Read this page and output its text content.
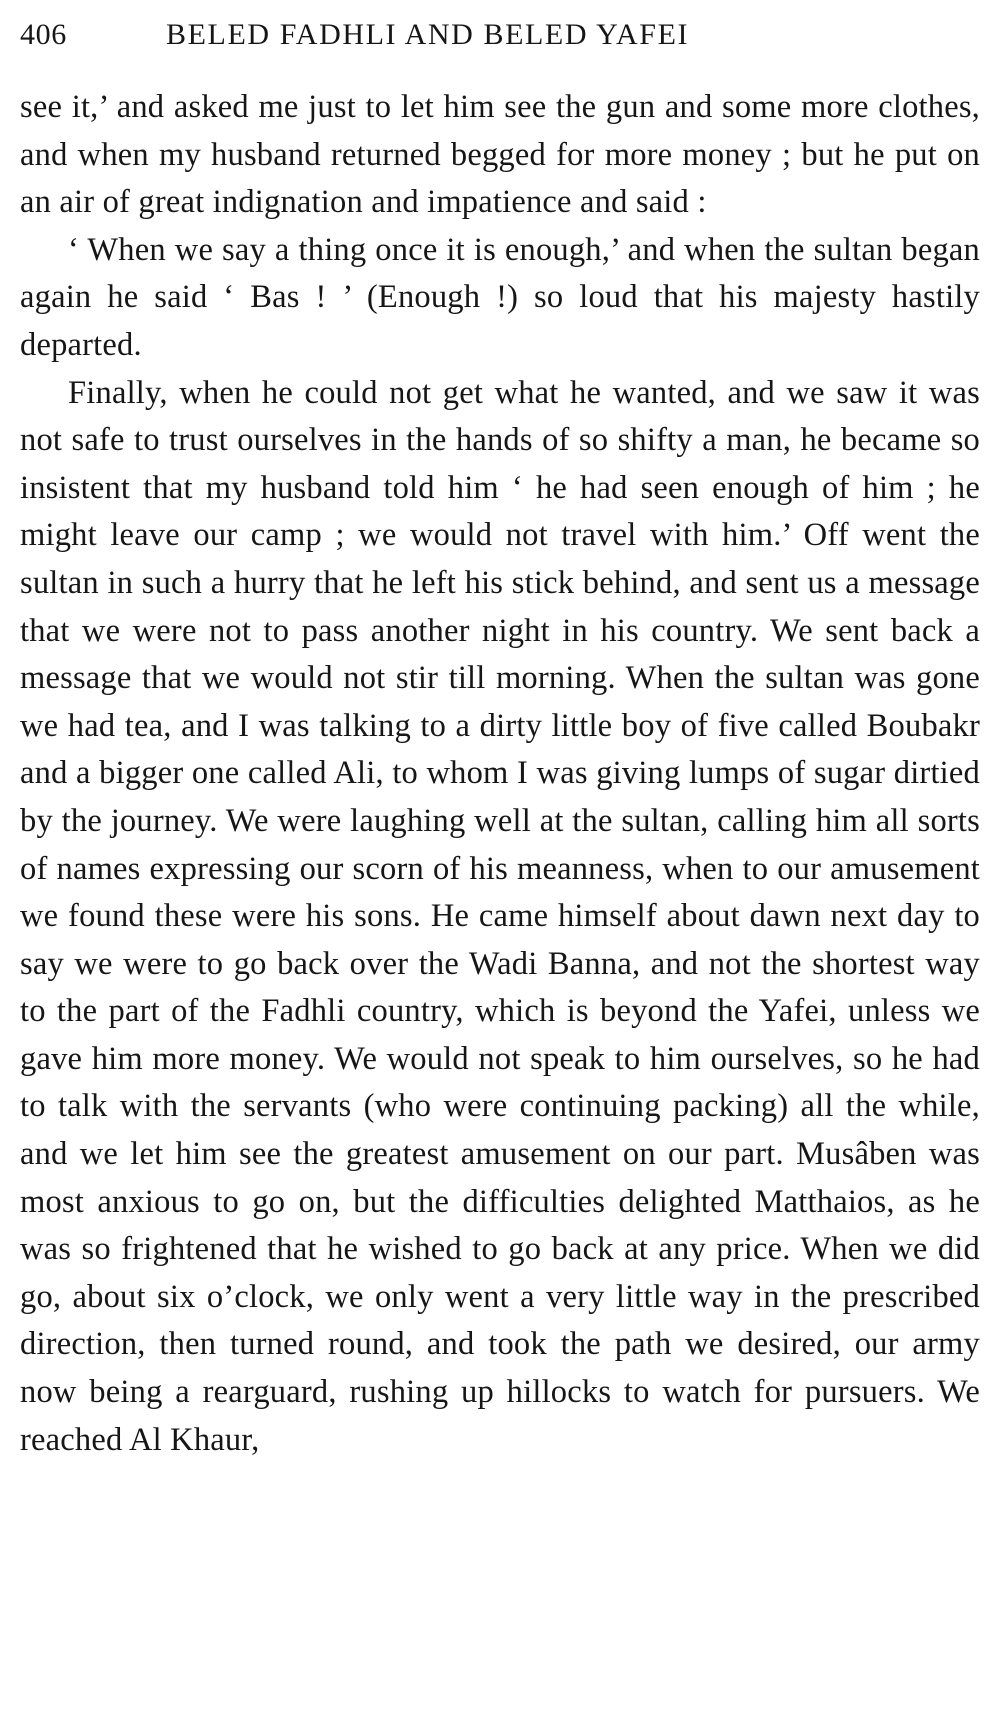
406	BELED FADHLI AND BELED YAFEI

see it,’ and asked me just to let him see the gun and some more clothes, and when my husband returned begged for more money ; but he put on an air of great indignation and impatience and said :

‘ When we say a thing once it is enough,’ and when the sultan began again he said ‘ Bas ! ’ (Enough !) so loud that his majesty hastily departed.

Finally, when he could not get what he wanted, and we saw it was not safe to trust ourselves in the hands of so shifty a man, he became so insistent that my husband told him ‘ he had seen enough of him ; he might leave our camp ; we would not travel with him.’ Off went the sultan in such a hurry that he left his stick behind, and sent us a message that we were not to pass another night in his country. We sent back a message that we would not stir till morning. When the sultan was gone we had tea, and I was talking to a dirty little boy of five called Boubakr and a bigger one called Ali, to whom I was giving lumps of sugar dirtied by the journey. We were laughing well at the sultan, calling him all sorts of names expressing our scorn of his meanness, when to our amusement we found these were his sons. He came himself about dawn next day to say we were to go back over the Wadi Banna, and not the shortest way to the part of the Fadhli country, which is beyond the Yafei, unless we gave him more money. We would not speak to him ourselves, so he had to talk with the servants (who were continuing packing) all the while, and we let him see the greatest amusement on our part. Musâben was most anxious to go on, but the difficulties delighted Matthaios, as he was so frightened that he wished to go back at any price. When we did go, about six o’clock, we only went a very little way in the prescribed direction, then turned round, and took the path we desired, our army now being a rearguard, rushing up hillocks to watch for pursuers. We reached Al Khaur,
